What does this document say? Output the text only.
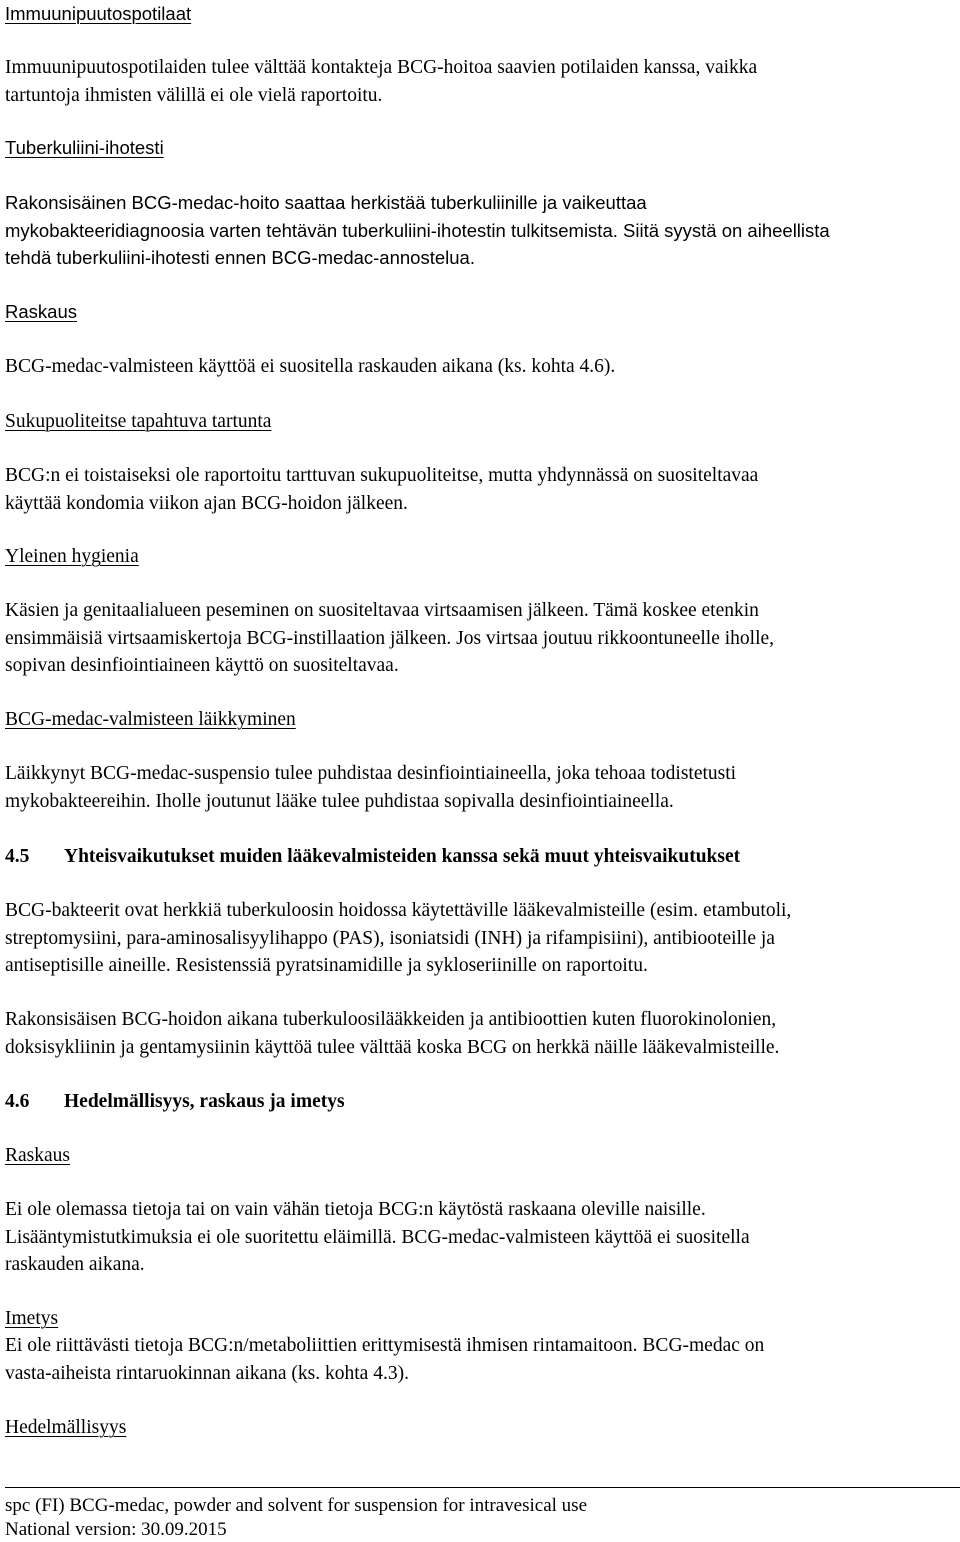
Immuunipuutospotilaat
Immuunipuutospotilaiden tulee välttää kontakteja BCG-hoitoa saavien potilaiden kanssa, vaikka
tartuntoja ihmisten välillä ei ole vielä raportoitu.
Tuberkuliini-ihotesti
Rakonsisäinen BCG-medac-hoito saattaa herkistää tuberkuliinille ja vaikeuttaa
mykobakteeridiagnoosia varten tehtävän tuberkuliini-ihotestin tulkitsemista. Siitä syystä on aiheellista
tehdä tuberkuliini-ihotesti ennen BCG-medac-annostelua.
Raskaus
BCG-medac-valmisteen käyttöä ei suositella raskauden aikana (ks. kohta 4.6).
Sukupuoliteitse tapahtuva tartunta
BCG:n ei toistaiseksi ole raportoitu tarttuvan sukupuoliteitse, mutta yhdynnässä on suositeltavaa
käyttää kondomia viikon ajan BCG-hoidon jälkeen.
Yleinen hygienia
Käsien ja genitaalialueen peseminen on suositeltavaa virtsaamisen jälkeen. Tämä koskee etenkin
ensimmäisiä virtsaamiskertoja BCG-instillaation jälkeen. Jos virtsaa joutuu rikkoontuneelle iholle,
sopivan desinfiointiaineen käyttö on suositeltavaa.
BCG-medac-valmisteen läikkyminen
Läikkynyt BCG-medac-suspensio tulee puhdistaa desinfiointiaineella, joka tehoaa todistetusti
mykobakteereihin. Iholle joutunut lääke tulee puhdistaa sopivalla desinfiointiaineella.
4.5 Yhteisvaikutukset muiden lääkevalmisteiden kanssa sekä muut yhteisvaikutukset
BCG-bakteerit ovat herkkiä tuberkuloosin hoidossa käytettäville lääkevalmisteille (esim. etambutoli,
streptomysiini, para-aminosalisyylihappo (PAS), isoniatsidi (INH) ja rifampisiini), antibiooteille ja
antiseptisille aineille. Resistenssiä pyratsinamidille ja sykloseriinille on raportoitu.
Rakonsisäisen BCG-hoidon aikana tuberkuloosilääkkeiden ja antibioottien kuten fluorokinolonien,
doksisykliinin ja gentamysiinin käyttöä tulee välttää koska BCG on herkkä näille lääkevalmisteille.
4.6 Hedelmällisyys, raskaus ja imetys
Raskaus
Ei ole olemassa tietoja tai on vain vähän tietoja BCG:n käytöstä raskaana oleville naisille.
Lisääntymistutkimuksia ei ole suoritettu eläimillä. BCG-medac-valmisteen käyttöä ei suositella
raskauden aikana.
Imetys
Ei ole riittävästi tietoja BCG:n/metaboliittien erittymisestä ihmisen rintamaitoon. BCG-medac on
vasta-aiheista rintaruokinnan aikana (ks. kohta 4.3).
Hedelmällisyys
spc (FI) BCG-medac, powder and solvent for suspension for intravesical use
National version: 30.09.2015
